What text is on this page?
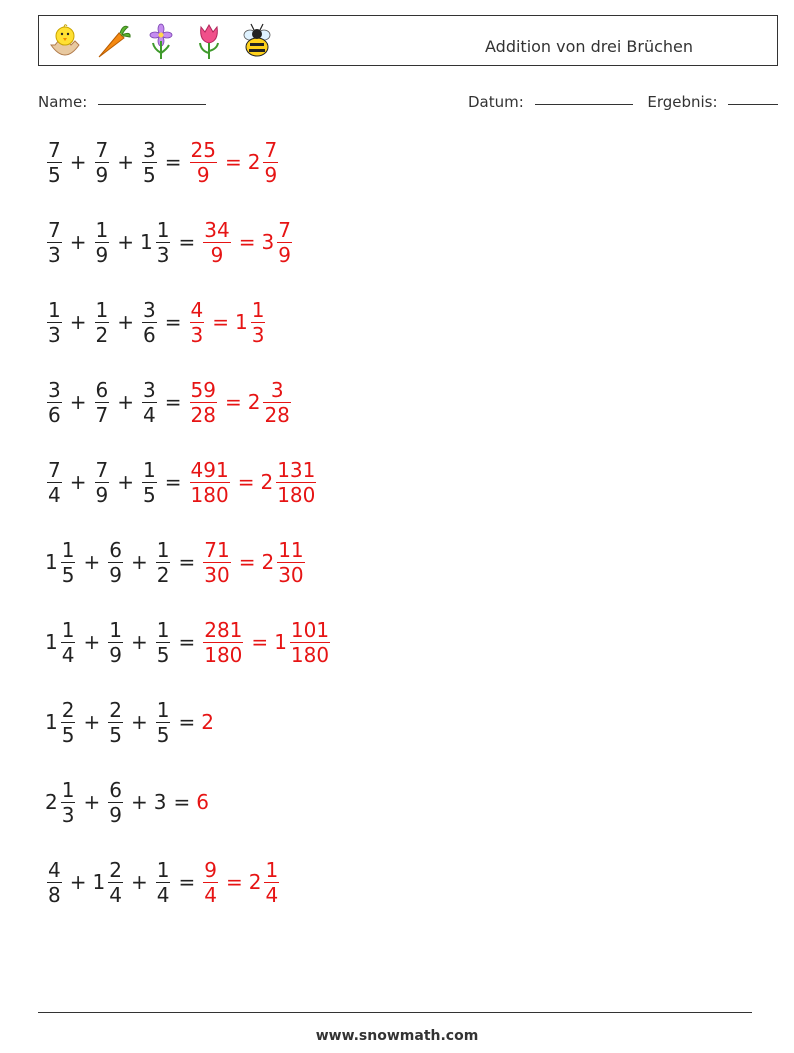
Addition von drei Brüchen
Name:	Datum:	Ergebnis:
$\frac{7}{5} + \frac{7}{9} + \frac{3}{5} = \frac{25}{9} = 2 \frac{7}{9}$
$\frac{7}{3} + \frac{1}{9} + 1 \frac{1}{3} = \frac{34}{9} = 3 \frac{7}{9}$
$\frac{1}{3} + \frac{1}{2} + \frac{3}{6} = \frac{4}{3} = 1 \frac{1}{3}$
$\frac{3}{6} + \frac{6}{7} + \frac{3}{4} = \frac{59}{28} = 2 \frac{3}{28}$
$\frac{7}{4} + \frac{7}{9} + \frac{1}{5} = \frac{491}{180} = 2 \frac{131}{180}$
$1 \frac{1}{5} + \frac{6}{9} + \frac{1}{2} = \frac{71}{30} = 2 \frac{11}{30}$
$1 \frac{1}{4} + \frac{1}{9} + \frac{1}{5} = \frac{281}{180} = 1 \frac{101}{180}$
$1 \frac{2}{5} + \frac{2}{5} + \frac{1}{5} = 2$
$2 \frac{1}{3} + \frac{6}{9} + 3 = 6$
$\frac{4}{8} + 1 \frac{2}{4} + \frac{1}{4} = \frac{9}{4} = 2 \frac{1}{4}$
www.snowmath.com
